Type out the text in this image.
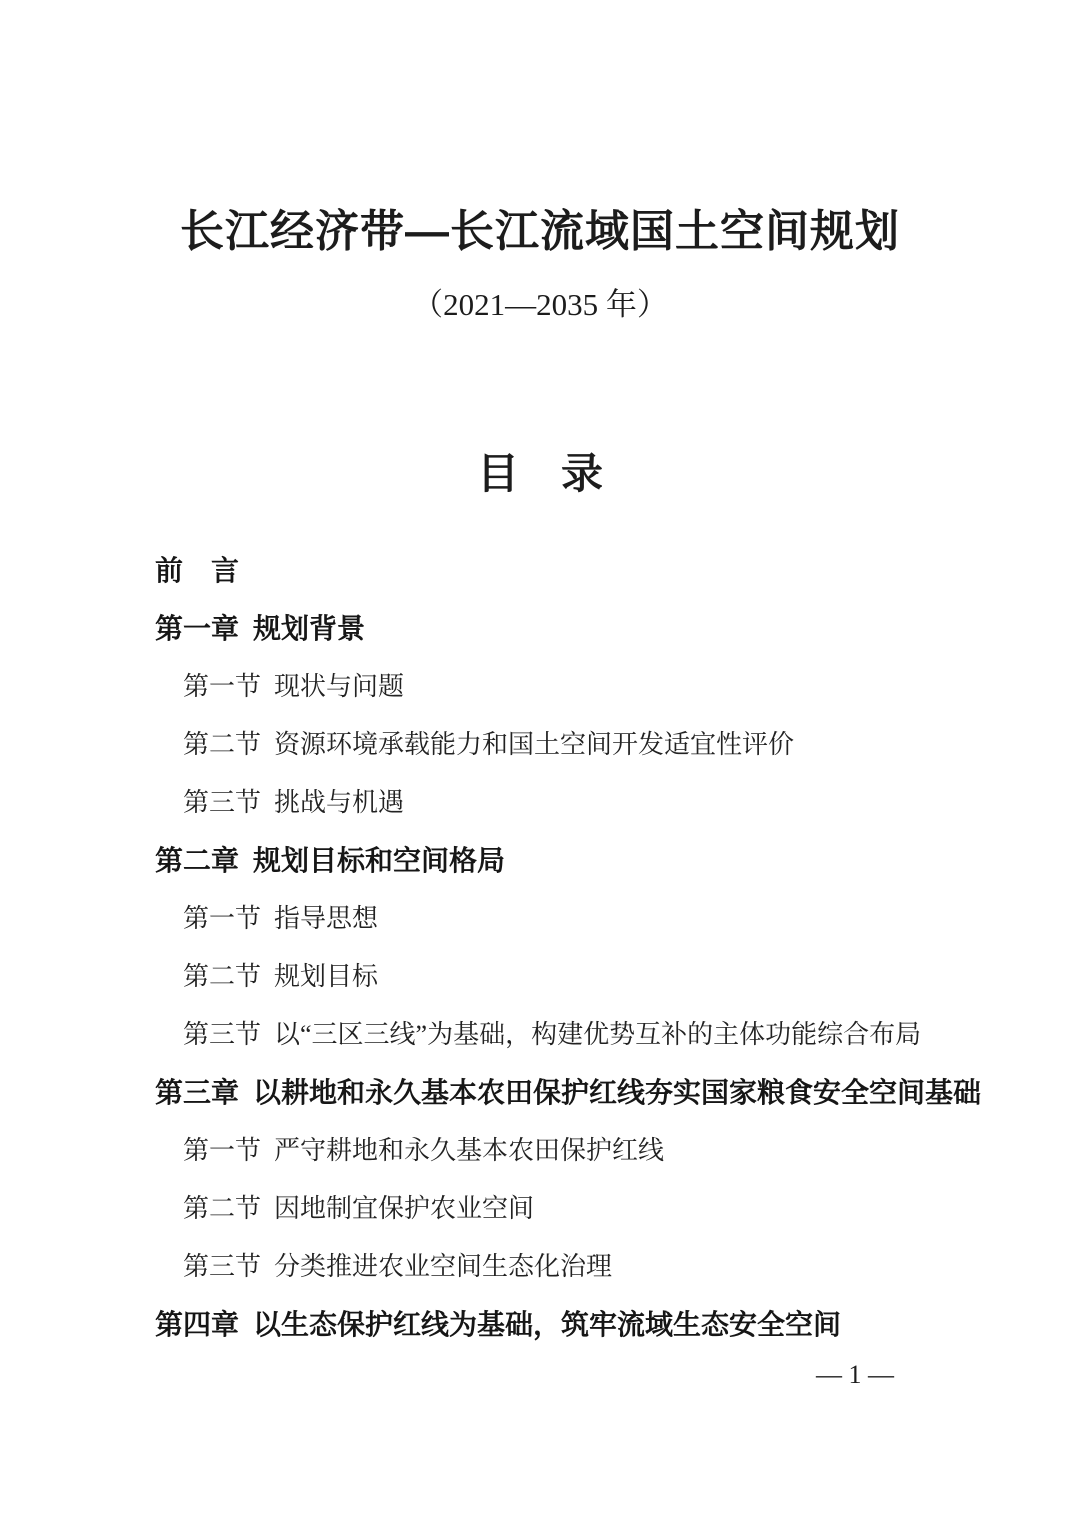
长江经济带—长江流域国土空间规划
（2021—2035 年）
目　录
前　言
第一章 规划背景
第一节 现状与问题
第二节 资源环境承载能力和国土空间开发适宜性评价
第三节 挑战与机遇
第二章 规划目标和空间格局
第一节 指导思想
第二节 规划目标
第三节 以“三区三线”为基础，构建优势互补的主体功能综合布局
第三章 以耕地和永久基本农田保护红线夯实国家粮食安全空间基础
第一节 严守耕地和永久基本农田保护红线
第二节 因地制宜保护农业空间
第三节 分类推进农业空间生态化治理
第四章 以生态保护红线为基础，筑牢流域生态安全空间
— 1 —
